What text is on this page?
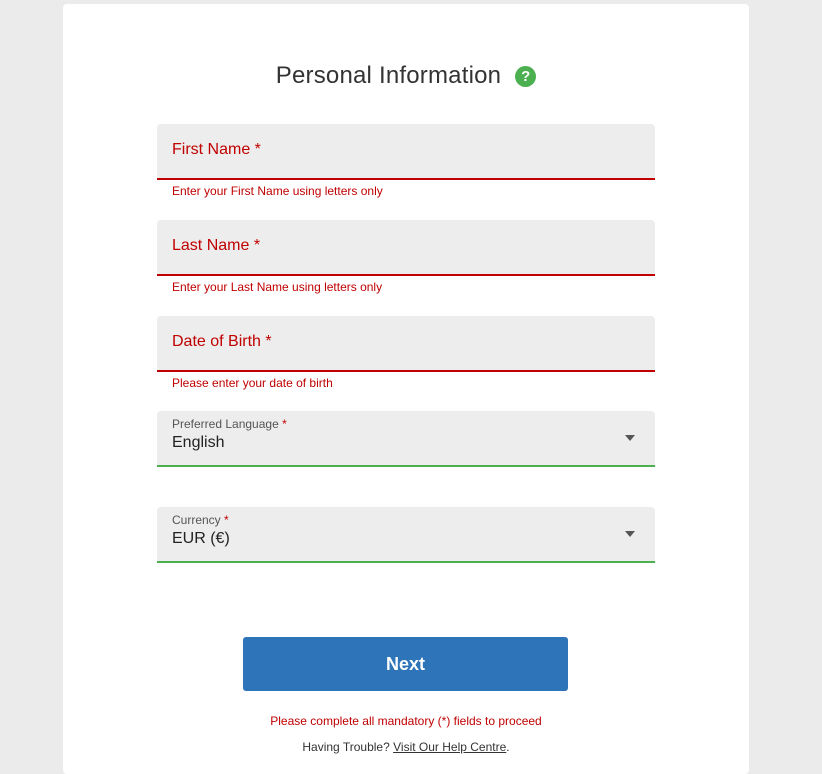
Personal Information ?
First Name *
Enter your First Name using letters only
Last Name *
Enter your Last Name using letters only
Date of Birth *
Please enter your date of birth
Preferred Language *
English
Currency *
EUR (€)
Next
Please complete all mandatory (*) fields to proceed
Having Trouble? Visit Our Help Centre.
